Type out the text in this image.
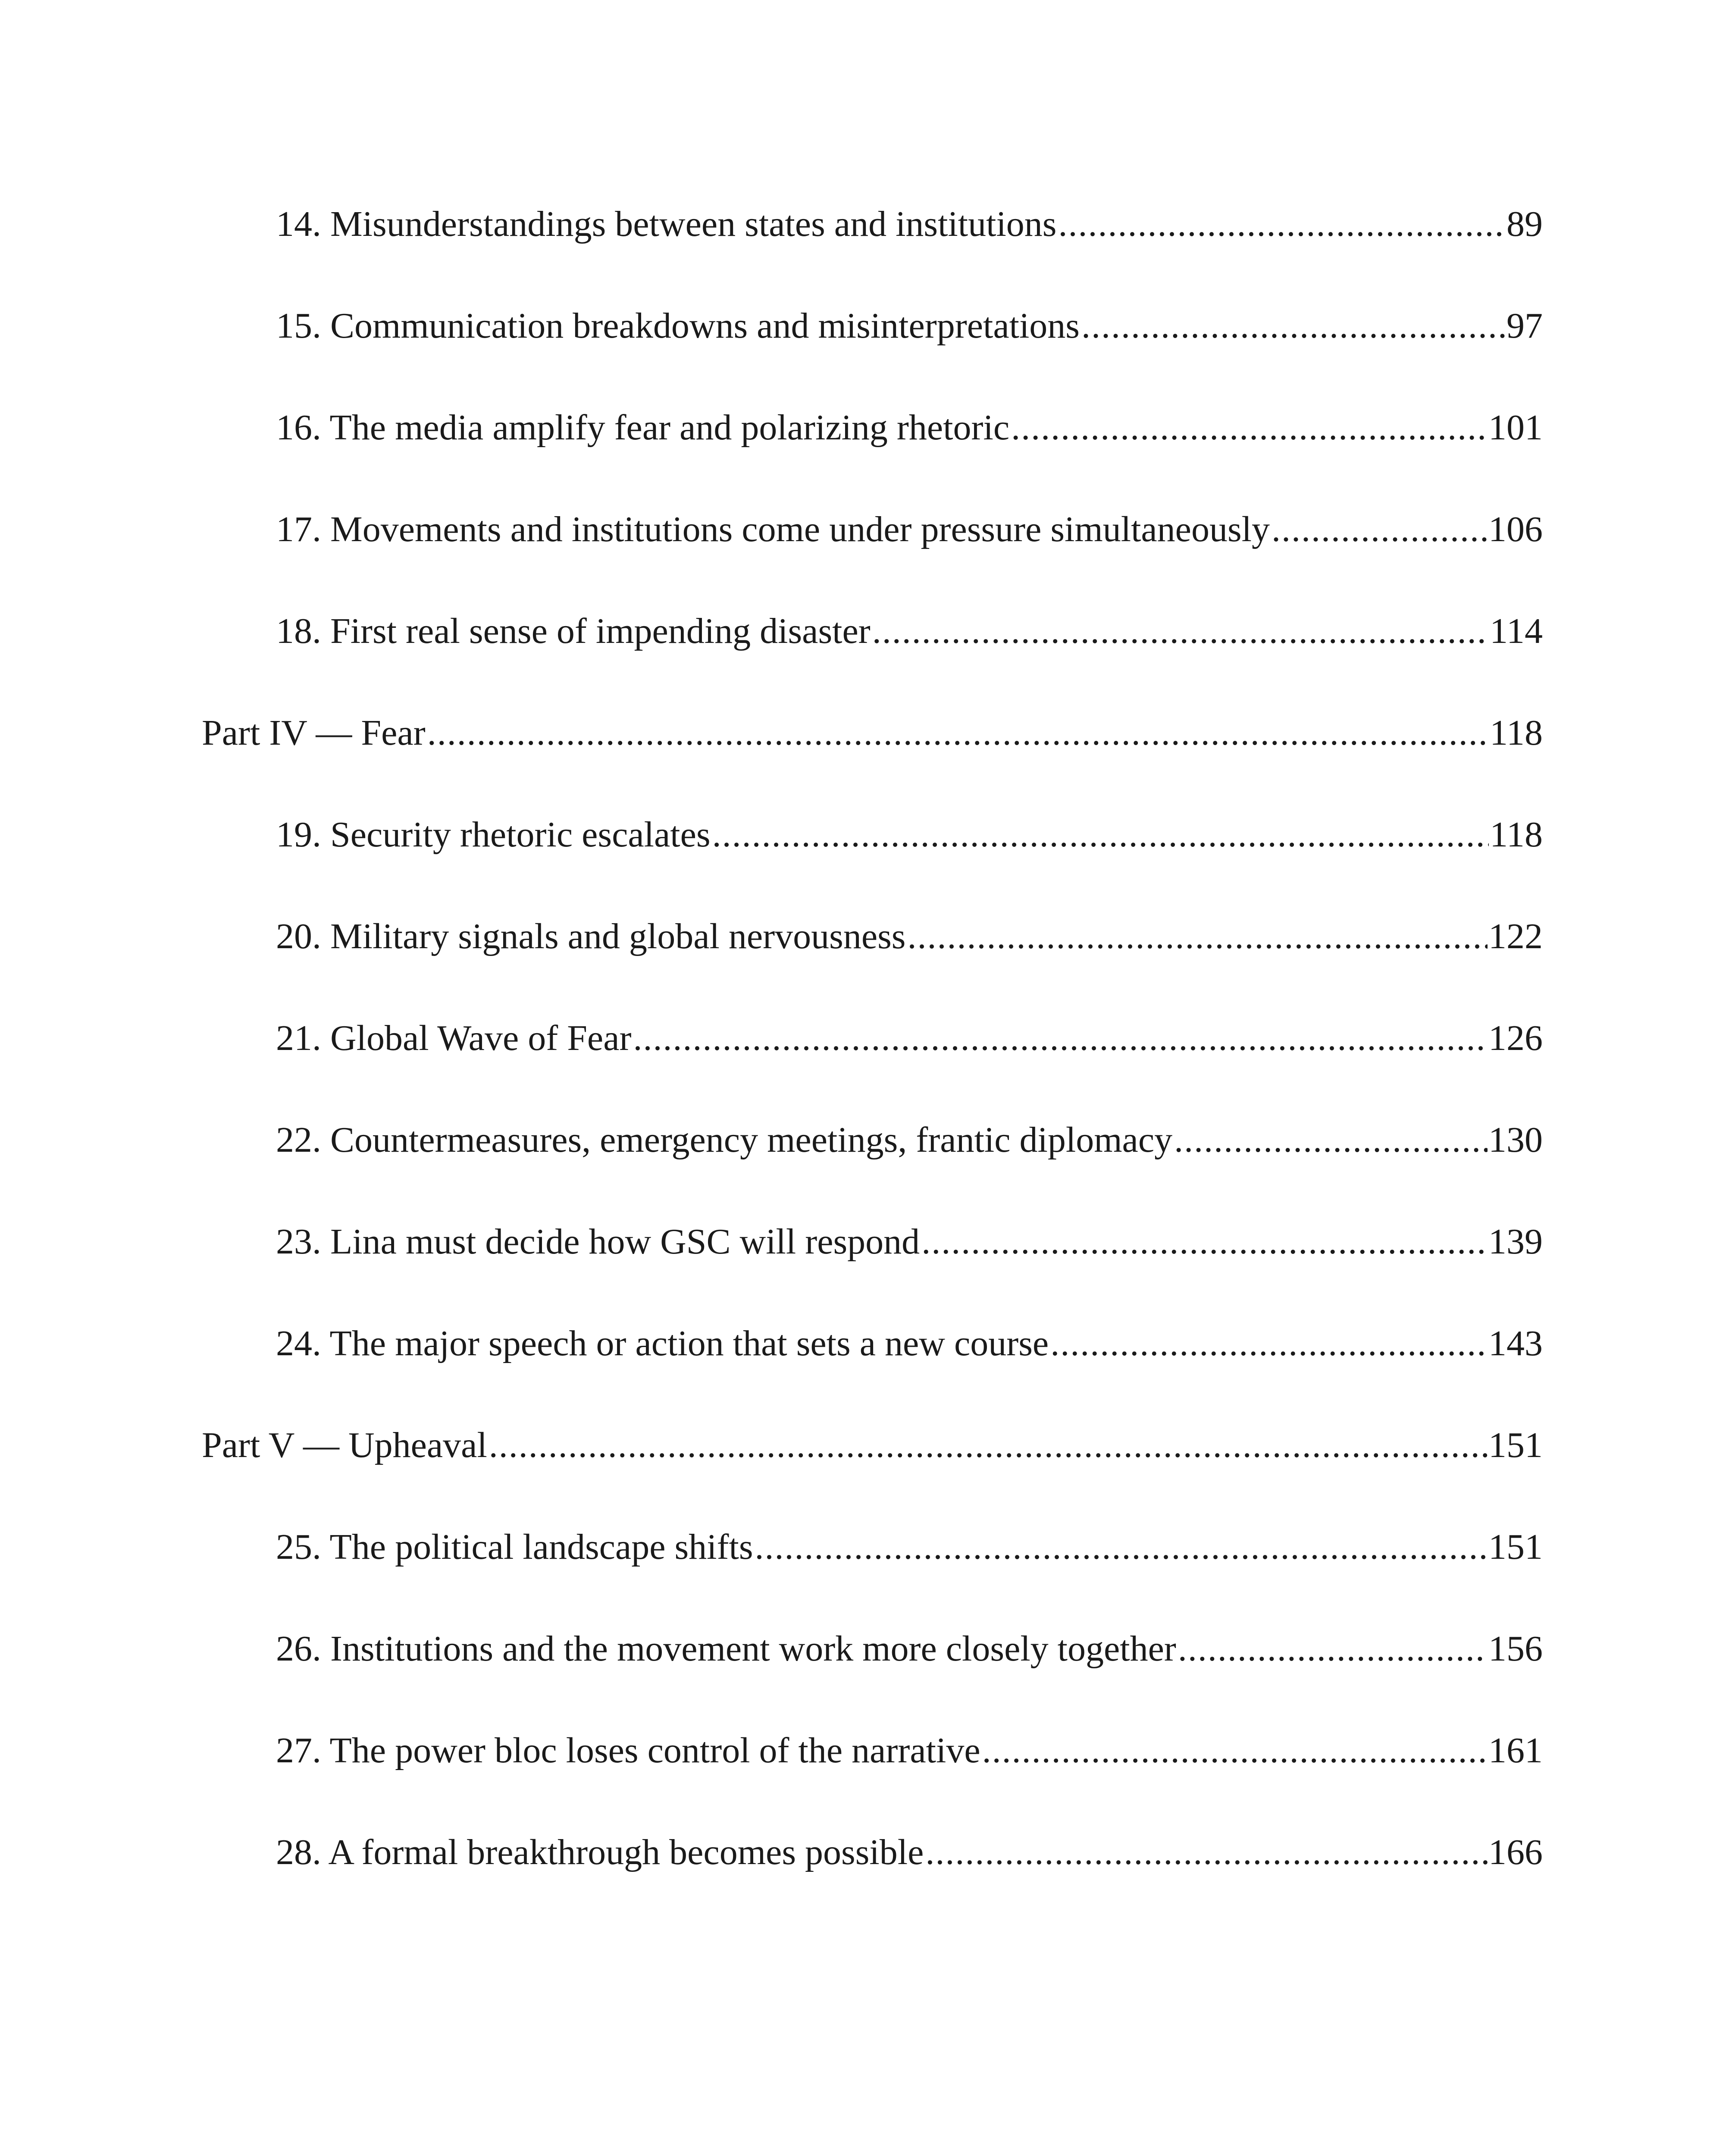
14. Misunderstandings between states and institutions .....	89
15. Communication breakdowns and misinterpretations .....	97
16. The media amplify fear and polarizing rhetoric .....	101
17. Movements and institutions come under pressure simultaneously .....	106
18. First real sense of impending disaster .....	114
Part IV — Fear .....	118
19. Security rhetoric escalates .....	118
20. Military signals and global nervousness .....	122
21. Global Wave of Fear .....	126
22. Countermeasures, emergency meetings, frantic diplomacy .....	130
23. Lina must decide how GSC will respond .....	139
24. The major speech or action that sets a new course .....	143
Part V — Upheaval .....	151
25. The political landscape shifts .....	151
26. Institutions and the movement work more closely together .....	156
27. The power bloc loses control of the narrative .....	161
28. A formal breakthrough becomes possible .....	166
